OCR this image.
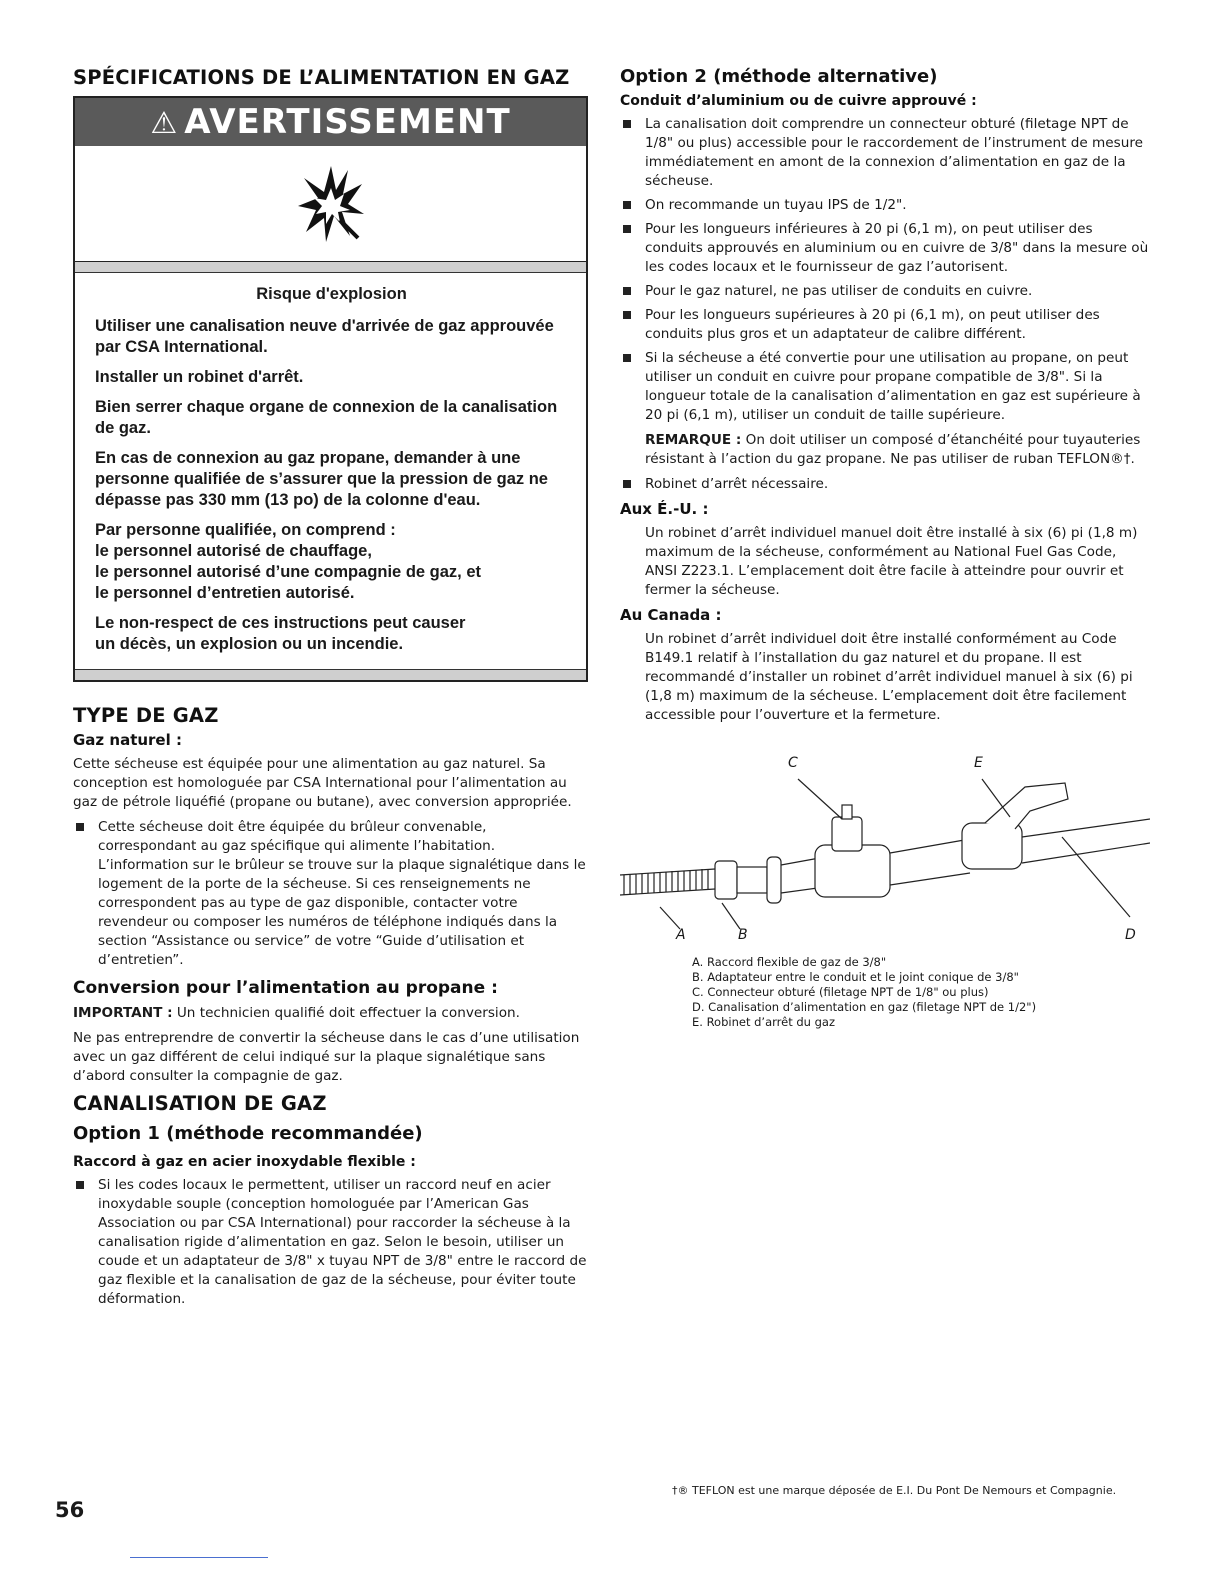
SPÉCIFICATIONS DE L’ALIMENTATION EN GAZ
⚠ AVERTISSEMENT
Risque d'explosion

Utiliser une canalisation neuve d'arrivée de gaz approuvée par CSA International.

Installer un robinet d'arrêt.

Bien serrer chaque organe de connexion de la canalisation de gaz.

En cas de connexion au gaz propane, demander à une personne qualifiée de s’assurer que la pression de gaz ne dépasse pas 330 mm (13 po) de la colonne d'eau.

Par personne qualifiée, on comprend :
le personnel autorisé de chauffage,
le personnel autorisé d’une compagnie de gaz, et
le personnel d’entretien autorisé.

Le non-respect de ces instructions peut causer
un décès, un explosion ou un incendie.

TYPE DE GAZ
Gaz naturel :

Cette sécheuse est équipée pour une alimentation au gaz naturel. Sa conception est homologuée par CSA International pour l’alimentation au gaz de pétrole liquéfié (propane ou butane), avec conversion appropriée.

Cette sécheuse doit être équipée du brûleur convenable, correspondant au gaz spécifique qui alimente l’habitation. L’information sur le brûleur se trouve sur la plaque signalétique dans le logement de la porte de la sécheuse. Si ces renseignements ne correspondent pas au type de gaz disponible, contacter votre revendeur ou composer les numéros de téléphone indiqués dans la section “Assistance ou service” de votre “Guide d’utilisation et d’entretien”.
Conversion pour l’alimentation au propane :

IMPORTANT : Un technicien qualifié doit effectuer la conversion.

Ne pas entreprendre de convertir la sécheuse dans le cas d’une utilisation avec un gaz différent de celui indiqué sur la plaque signalétique sans d’abord consulter la compagnie de gaz.

CANALISATION DE GAZ
Option 1 (méthode recommandée)
Raccord à gaz en acier inoxydable flexible :
Si les codes locaux le permettent, utiliser un raccord neuf en acier inoxydable souple (conception homologuée par l’American Gas Association ou par CSA International) pour raccorder la sécheuse à la canalisation rigide d’alimentation en gaz. Selon le besoin, utiliser un coude et un adaptateur de 3/8" x tuyau NPT de 3/8" entre le raccord de gaz flexible et la canalisation de gaz de la sécheuse, pour éviter toute déformation.
Option 2 (méthode alternative)
Conduit d’aluminium ou de cuivre approuvé :
La canalisation doit comprendre un connecteur obturé (filetage NPT de 1/8" ou plus) accessible pour le raccordement de l’instrument de mesure immédiatement en amont de la connexion d’alimentation en gaz de la sécheuse.
On recommande un tuyau IPS de 1/2".
Pour les longueurs inférieures à 20 pi (6,1 m), on peut utiliser des conduits approuvés en aluminium ou en cuivre de 3/8" dans la mesure où les codes locaux et le fournisseur de gaz l’autorisent.
Pour le gaz naturel, ne pas utiliser de conduits en cuivre.
Pour les longueurs supérieures à 20 pi (6,1 m), on peut utiliser des conduits plus gros et un adaptateur de calibre différent.
Si la sécheuse a été convertie pour une utilisation au propane, on peut utiliser un conduit en cuivre pour propane compatible de 3/8". Si la longueur totale de la canalisation d’alimentation en gaz est supérieure à 20 pi (6,1 m), utiliser un conduit de taille supérieure.

REMARQUE : On doit utiliser un composé d’étanchéité pour tuyauteries résistant à l’action du gaz propane. Ne pas utiliser de ruban TEFLON®†.

Robinet d’arrêt nécessaire.
Aux É.-U. :

Un robinet d’arrêt individuel manuel doit être installé à six (6) pi (1,8 m) maximum de la sécheuse, conformément au National Fuel Gas Code, ANSI Z223.1. L’emplacement doit être facile à atteindre pour ouvrir et fermer la sécheuse.

Au Canada :

Un robinet d’arrêt individuel doit être installé conformément au Code B149.1 relatif à l’installation du gaz naturel et du propane. Il est recommandé d’installer un robinet d’arrêt individuel manuel à six (6) pi (1,8 m) maximum de la sécheuse. L’emplacement doit être facilement accessible pour l’ouverture et la fermeture.

C	E
A	B	D
A. Raccord flexible de gaz de 3/8"
B. Adaptateur entre le conduit et le joint conique de 3/8"
C. Connecteur obturé (filetage NPT de 1/8" ou plus)
D. Canalisation d’alimentation en gaz (filetage NPT de 1/2")
E. Robinet d’arrêt du gaz
†® TEFLON est une marque déposée de E.I. Du Pont De Nemours et Compagnie.
56
